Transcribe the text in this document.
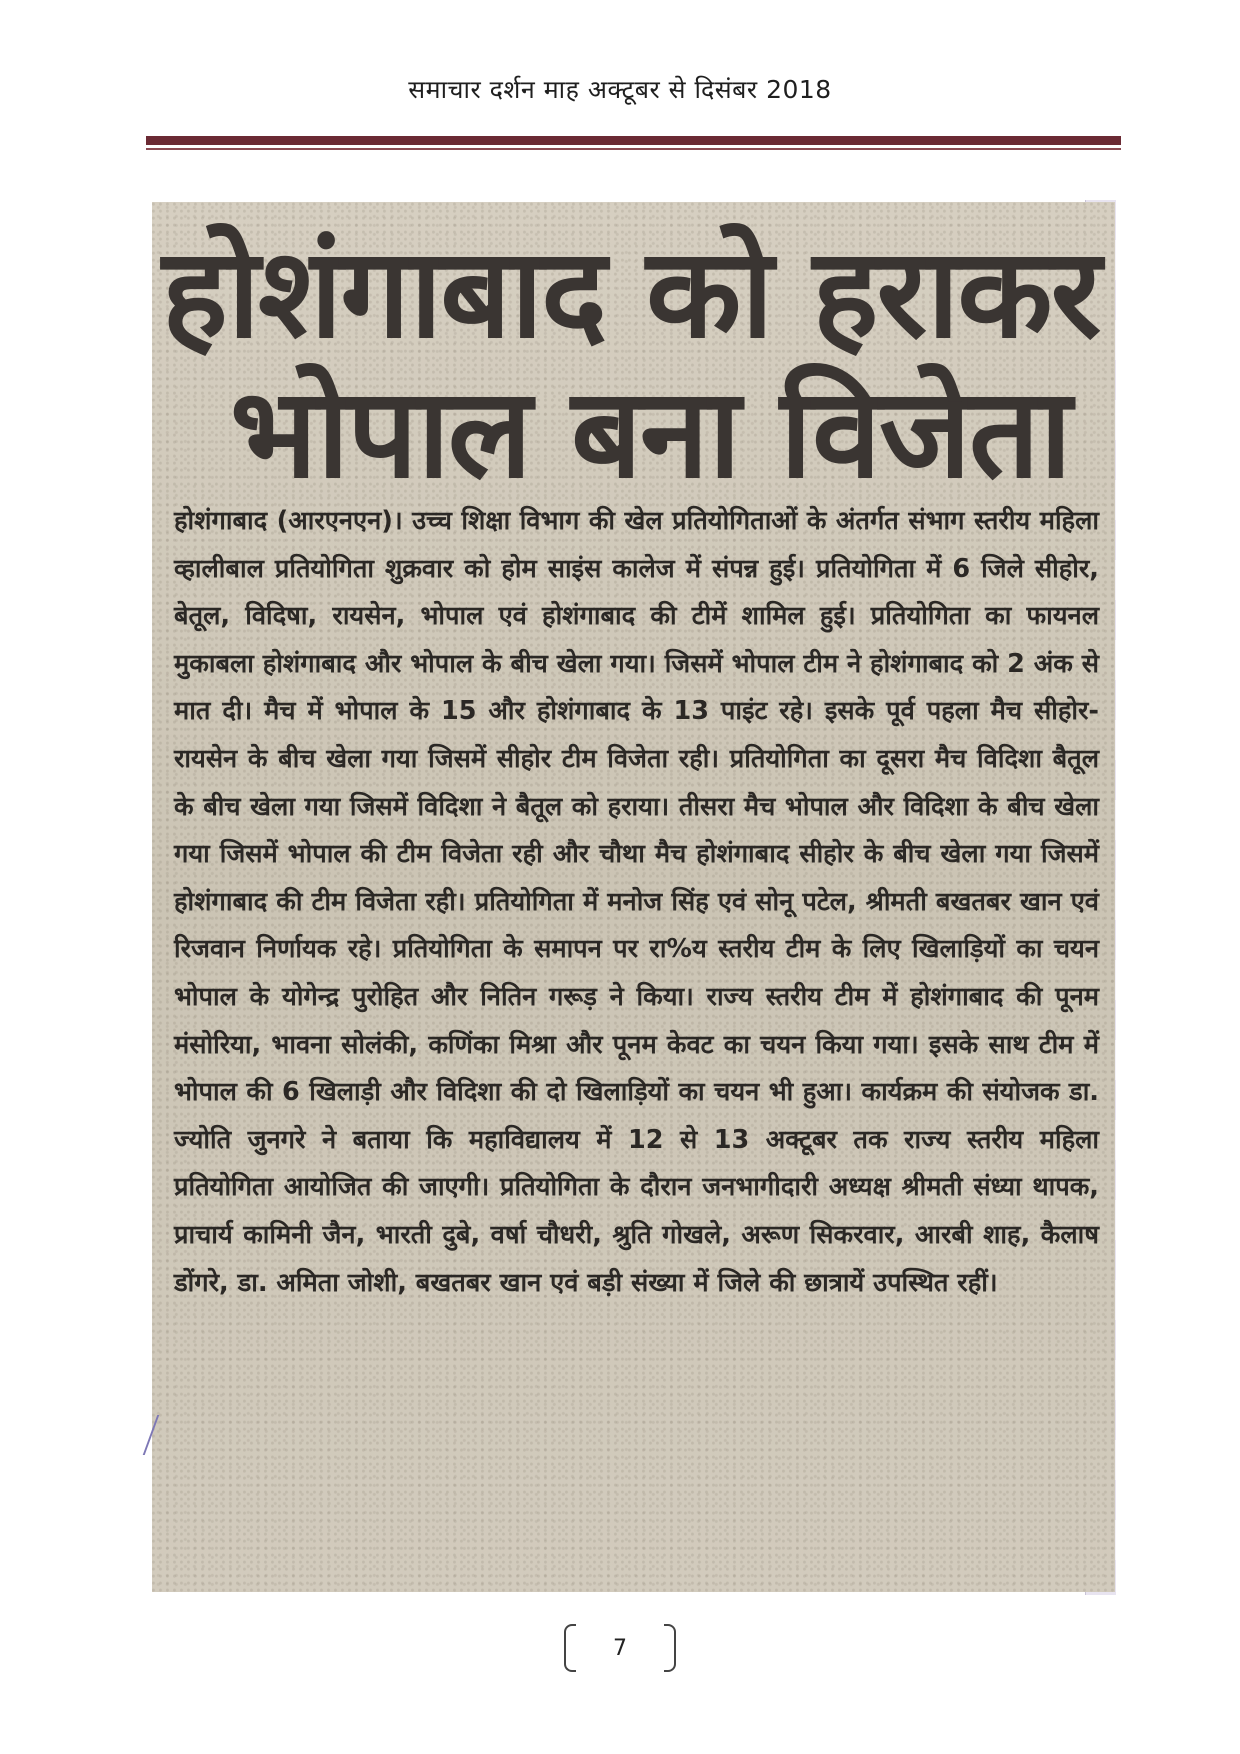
समाचार दर्शन माह अक्टूबर से दिसंबर 2018
होशंगाबाद को हराकर
भोपाल बना विजेता
होशंगाबाद (आरएनएन)। उच्च शिक्षा विभाग की खेल प्रतियोगिताओं के अंतर्गत संभाग स्तरीय महिला व्हालीबाल प्रतियोगिता शुक्रवार को होम साइंस कालेज में संपन्न हुई। प्रतियोगिता में 6 जिले सीहोर, बेतूल, विदिषा, रायसेन, भोपाल एवं होशंगाबाद की टीमें शामिल हुई। प्रतियोगिता का फायनल मुकाबला होशंगाबाद और भोपाल के बीच खेला गया। जिसमें भोपाल टीम ने होशंगाबाद को 2 अंक से मात दी। मैच में भोपाल के 15 और होशंगाबाद के 13 पाइंट रहे। इसके पूर्व पहला मैच सीहोर-रायसेन के बीच खेला गया जिसमें सीहोर टीम विजेता रही। प्रतियोगिता का दूसरा मैच विदिशा बैतूल के बीच खेला गया जिसमें विदिशा ने बैतूल को हराया। तीसरा मैच भोपाल और विदिशा के बीच खेला गया जिसमें भोपाल की टीम विजेता रही और चौथा मैच होशंगाबाद सीहोर के बीच खेला गया जिसमें होशंगाबाद की टीम विजेता रही। प्रतियोगिता में मनोज सिंह एवं सोनू पटेल, श्रीमती बखतबर खान एवं रिजवान निर्णायक रहे। प्रतियोगिता के समापन पर रा%य स्तरीय टीम के लिए खिलाड़ियों का चयन भोपाल के योगेन्द्र पुरोहित और नितिन गरूड़ ने किया। राज्य स्तरीय टीम में होशंगाबाद की पूनम मंसोरिया, भावना सोलंकी, कणिंका मिश्रा और पूनम केवट का चयन किया गया। इसके साथ टीम में भोपाल की 6 खिलाड़ी और विदिशा की दो खिलाड़ियों का चयन भी हुआ। कार्यक्रम की संयोजक डा. ज्योति जुनगरे ने बताया कि महाविद्यालय में 12 से 13 अक्टूबर तक राज्य स्तरीय महिला प्रतियोगिता आयोजित की जाएगी। प्रतियोगिता के दौरान जनभागीदारी अध्यक्ष श्रीमती संध्या थापक, प्राचार्य कामिनी जैन, भारती दुबे, वर्षा चौधरी, श्रुति गोखले, अरूण सिकरवार, आरबी शाह, कैलाष डोंगरे, डा. अमिता जोशी, बखतबर खान एवं बड़ी संख्या में जिले की छात्रायें उपस्थित रहीं।
7
